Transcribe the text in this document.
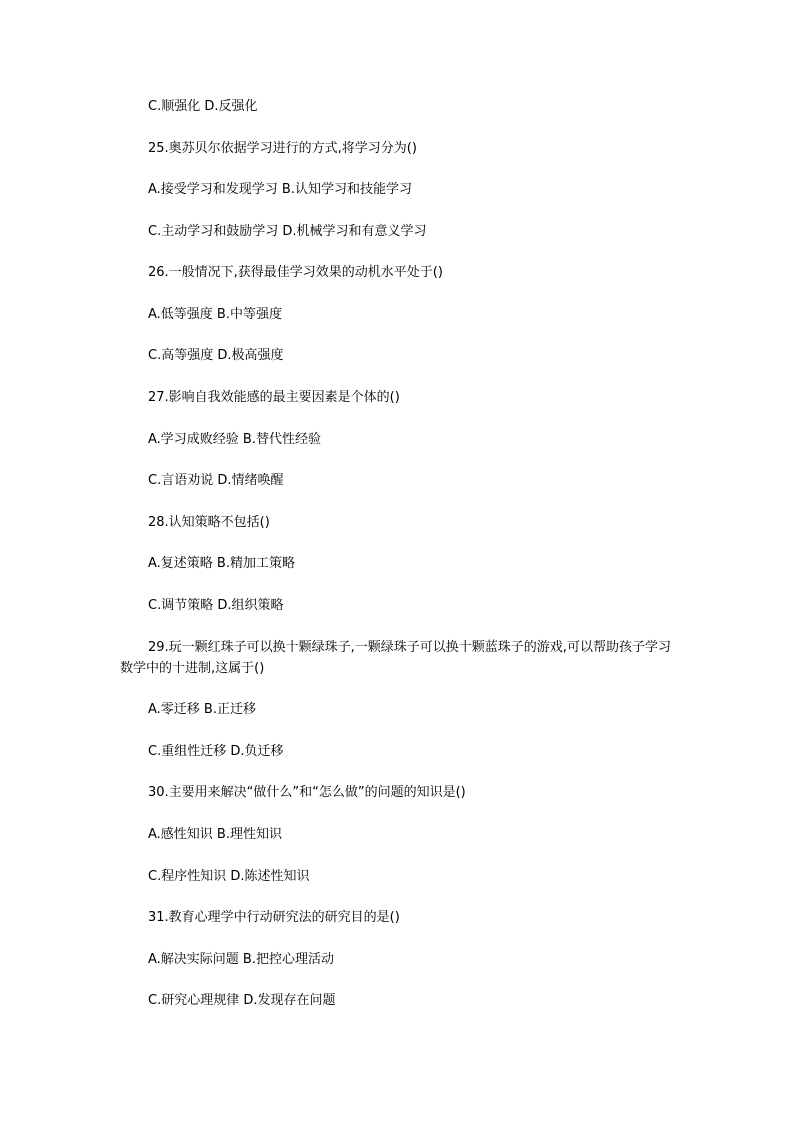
C.顺强化 D.反强化
25.奥苏贝尔依据学习进行的方式,将学习分为()
A.接受学习和发现学习 B.认知学习和技能学习
C.主动学习和鼓励学习 D.机械学习和有意义学习
26.一般情况下,获得最佳学习效果的动机水平处于()
A.低等强度 B.中等强度
C.高等强度 D.极高强度
27.影响自我效能感的最主要因素是个体的()
A.学习成败经验 B.替代性经验
C.言语劝说 D.情绪唤醒
28.认知策略不包括()
A.复述策略 B.精加工策略
C.调节策略 D.组织策略
29.玩一颗红珠子可以换十颗绿珠子,一颗绿珠子可以换十颗蓝珠子的游戏,可以帮助孩子学习数学中的十进制,这属于()
A.零迁移 B.正迁移
C.重组性迁移 D.负迁移
30.主要用来解决“做什么”和“怎么做”的问题的知识是()
A.感性知识 B.理性知识
C.程序性知识 D.陈述性知识
31.教育心理学中行动研究法的研究目的是()
A.解决实际问题 B.把控心理活动
C.研究心理规律 D.发现存在问题
